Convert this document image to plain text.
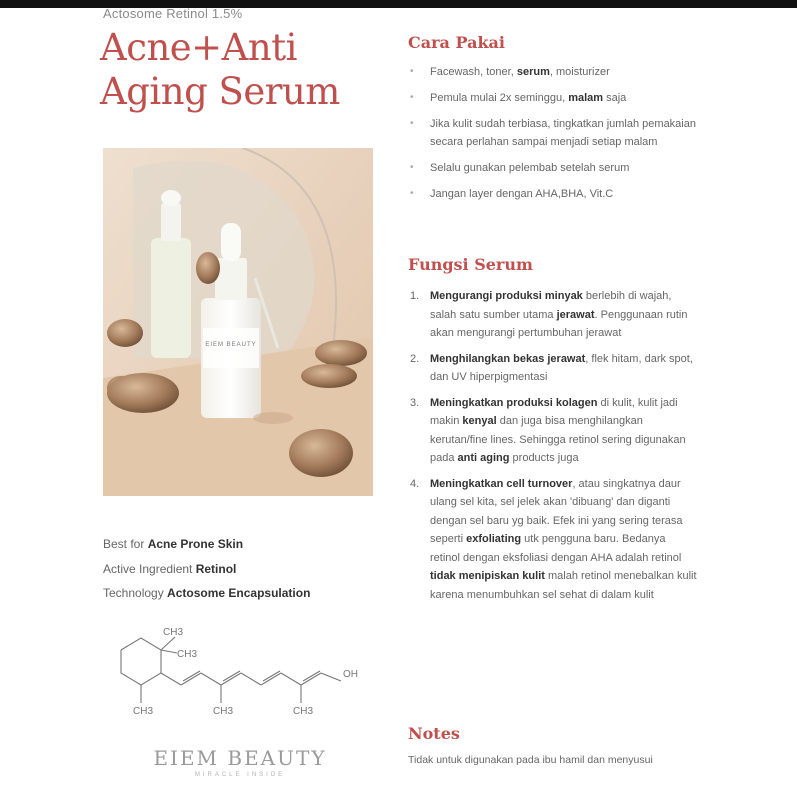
Actosome Retinol 1.5%
Acne+Anti
Aging Serum
EIEM BEAUTY
Best for Acne Prone Skin
Active Ingredient Retinol
Technology Actosome Encapsulation
CH3
CH3
OH
CH3	CH3	CH3
EIEM BEAUTY
MIRACLE INSIDE
Cara Pakai
• Facewash, toner, serum, moisturizer
• Pemula mulai 2x seminggu, malam saja
• Jika kulit sudah terbiasa, tingkatkan jumlah pemakaian secara perlahan sampai menjadi setiap malam
• Selalu gunakan pelembab setelah serum
• Jangan layer dengan AHA,BHA, Vit.C
Fungsi Serum
1. Mengurangi produksi minyak berlebih di wajah, salah satu sumber utama jerawat. Penggunaan rutin akan mengurangi pertumbuhan jerawat
2. Menghilangkan bekas jerawat, flek hitam, dark spot, dan UV hiperpigmentasi
3. Meningkatkan produksi kolagen di kulit, kulit jadi makin kenyal dan juga bisa menghilangkan kerutan/fine lines. Sehingga retinol sering digunakan pada anti aging products juga
4. Meningkatkan cell turnover, atau singkatnya daur ulang sel kita, sel jelek akan 'dibuang' dan diganti dengan sel baru yg baik. Efek ini yang sering terasa seperti exfoliating utk pengguna baru. Bedanya retinol dengan eksfoliasi dengan AHA adalah retinol tidak menipiskan kulit malah retinol menebalkan kulit karena menumbuhkan sel sehat di dalam kulit
Notes
Tidak untuk digunakan pada ibu hamil dan menyusui
